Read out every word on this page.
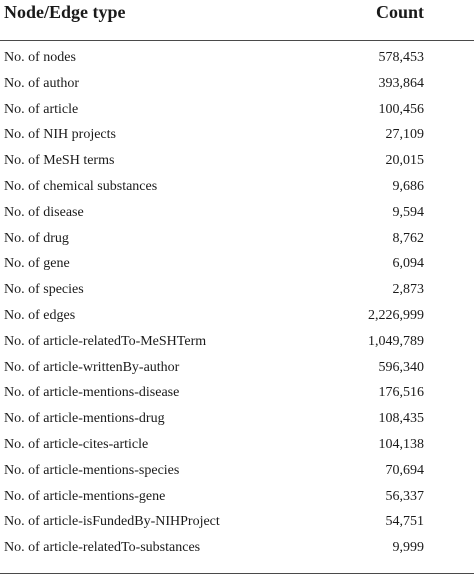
Node/Edge type	Count
No. of nodes	578,453
No. of author	393,864
No. of article	100,456
No. of NIH projects	27,109
No. of MeSH terms	20,015
No. of chemical substances	9,686
No. of disease	9,594
No. of drug	8,762
No. of gene	6,094
No. of species	2,873
No. of edges	2,226,999
No. of article-relatedTo-MeSHTerm	1,049,789
No. of article-writtenBy-author	596,340
No. of article-mentions-disease	176,516
No. of article-mentions-drug	108,435
No. of article-cites-article	104,138
No. of article-mentions-species	70,694
No. of article-mentions-gene	56,337
No. of article-isFundedBy-NIHProject	54,751
No. of article-relatedTo-substances	9,999
